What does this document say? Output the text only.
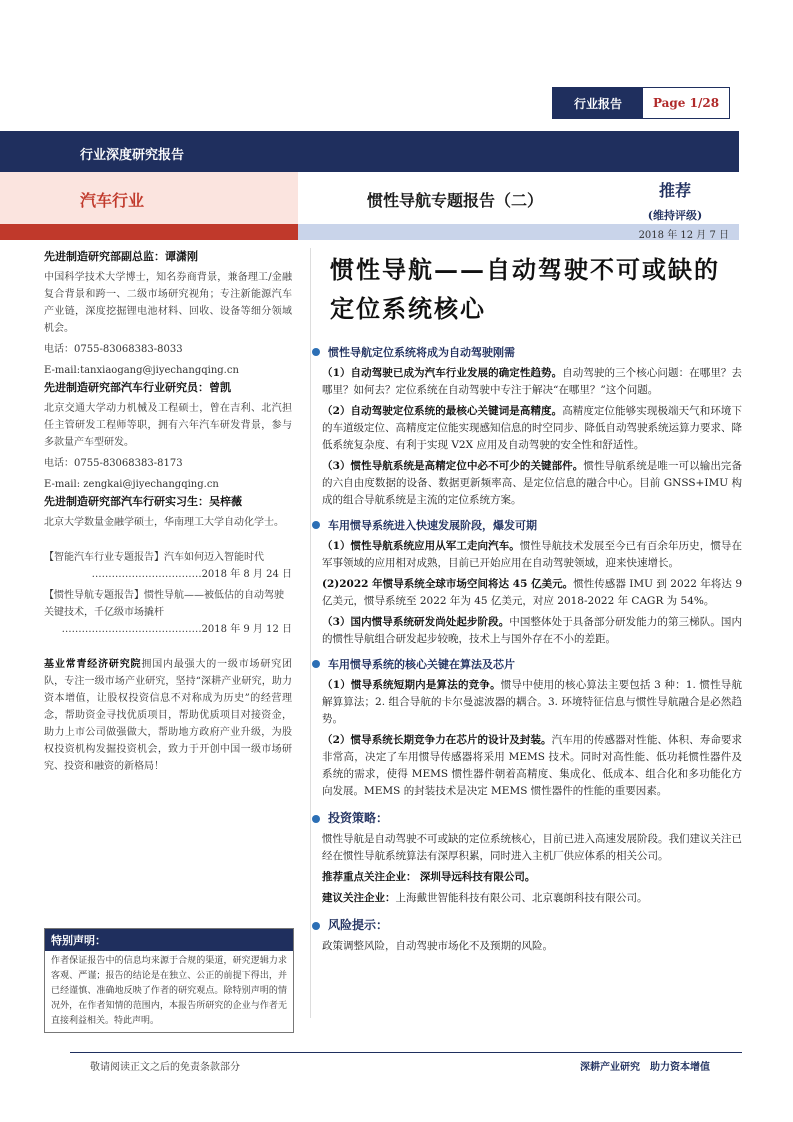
行业报告	Page 1/28
行业深度研究报告
汽车行业	惯性导航专题报告（二）
推荐
(维持评级)
2018 年 12 月 7 日
先进制造研究部副总监：谭潇刚

中国科学技术大学博士，知名券商背景，兼备理工/金融复合背景和跨一、二级市场研究视角；专注新能源汽车产业链，深度挖掘锂电池材料、回收、设备等细分领域机会。

电话：0755-83068383-8033
E-mail:tanxiaogang@jiyechangqing.cn
先进制造研究部汽车行业研究员：曾凯

北京交通大学动力机械及工程硕士，曾在吉利、北汽担任主管研发工程师等职，拥有六年汽车研发背景，参与多款量产车型研发。

电话：0755-83068383-8173
E-mail: zengkai@jiyechangqing.cn
先进制造研究部汽车行研实习生：吴梓薇

北京大学数量金融学硕士，华南理工大学自动化学士。

【智能汽车行业专题报告】汽车如何迈入智能时代
……………………………2018 年 8 月 24 日
【惯性导航专题报告】惯性导航——被低估的自动驾驶关键技术，千亿级市场撬杆
……………………………………2018 年 9 月 12 日
基业常青经济研究院拥国内最强大的一级市场研究团队，专注一级市场产业研究，坚持“深耕产业研究，助力资本增值，让股权投资信息不对称成为历史”的经营理念，帮助资金寻找优质项目，帮助优质项目对接资金，助力上市公司做强做大，帮助地方政府产业升级，为股权投资机构发掘投资机会，致力于开创中国一级市场研究、投资和融资的新格局！
特别声明：
作者保证报告中的信息均来源于合规的渠道，研究逻辑力求客观、严谨；报告的结论是在独立、公正的前提下得出，并已经谨慎、准确地反映了作者的研究观点。除特别声明的情况外，在作者知情的范围内，本报告所研究的企业与作者无直接利益相关。特此声明。
惯性导航——自动驾驶不可或缺的定位系统核心
惯性导航定位系统将成为自动驾驶刚需
（1）自动驾驶已成为汽车行业发展的确定性趋势。自动驾驶的三个核心问题：在哪里？去哪里？如何去？定位系统在自动驾驶中专注于解决“在哪里？”这个问题。
（2）自动驾驶定位系统的最核心关键词是高精度。高精度定位能够实现极端天气和环境下的车道级定位、高精度定位能实现感知信息的时空同步、降低自动驾驶系统运算力要求、降低系统复杂度、有利于实现 V2X 应用及自动驾驶的安全性和舒适性。
（3）惯性导航系统是高精定位中必不可少的关键部件。惯性导航系统是唯一可以输出完备的六自由度数据的设备、数据更新频率高、是定位信息的融合中心。目前 GNSS+IMU 构成的组合导航系统是主流的定位系统方案。
车用惯导系统进入快速发展阶段，爆发可期
（1）惯性导航系统应用从军工走向汽车。惯性导航技术发展至今已有百余年历史，惯导在军事领域的应用相对成熟，目前已开始应用在自动驾驶领域，迎来快速增长。
(2)2022 年惯导系统全球市场空间将达 45 亿美元。惯性传感器 IMU 到 2022 年将达 9 亿美元，惯导系统至 2022 年为 45 亿美元，对应 2018-2022 年 CAGR 为 54%。
（3）国内惯导系统研发尚处起步阶段。中国整体处于具备部分研发能力的第三梯队。国内的惯性导航组合研发起步较晚，技术上与国外存在不小的差距。
车用惯导系统的核心关键在算法及芯片
（1）惯导系统短期内是算法的竞争。惯导中使用的核心算法主要包括 3 种：1. 惯性导航解算算法；2. 组合导航的卡尔曼滤波器的耦合。3. 环境特征信息与惯性导航融合是必然趋势。
（2）惯导系统长期竞争力在芯片的设计及封装。汽车用的传感器对性能、体积、寿命要求非常高，决定了车用惯导传感器将采用 MEMS 技术。同时对高性能、低功耗惯性器件及系统的需求，使得 MEMS 惯性器件朝着高精度、集成化、低成本、组合化和多功能化方向发展。MEMS 的封装技术是决定 MEMS 惯性器件的性能的重要因素。
投资策略：
惯性导航是自动驾驶不可或缺的定位系统核心，目前已进入高速发展阶段。我们建议关注已经在惯性导航系统算法有深厚积累，同时进入主机厂供应体系的相关公司。
推荐重点关注企业： 深圳导远科技有限公司。
建议关注企业：上海戴世智能科技有限公司、北京襄朗科技有限公司。
风险提示：
政策调整风险，自动驾驶市场化不及预期的风险。
敬请阅读正文之后的免责条款部分	深耕产业研究　助力资本增值
